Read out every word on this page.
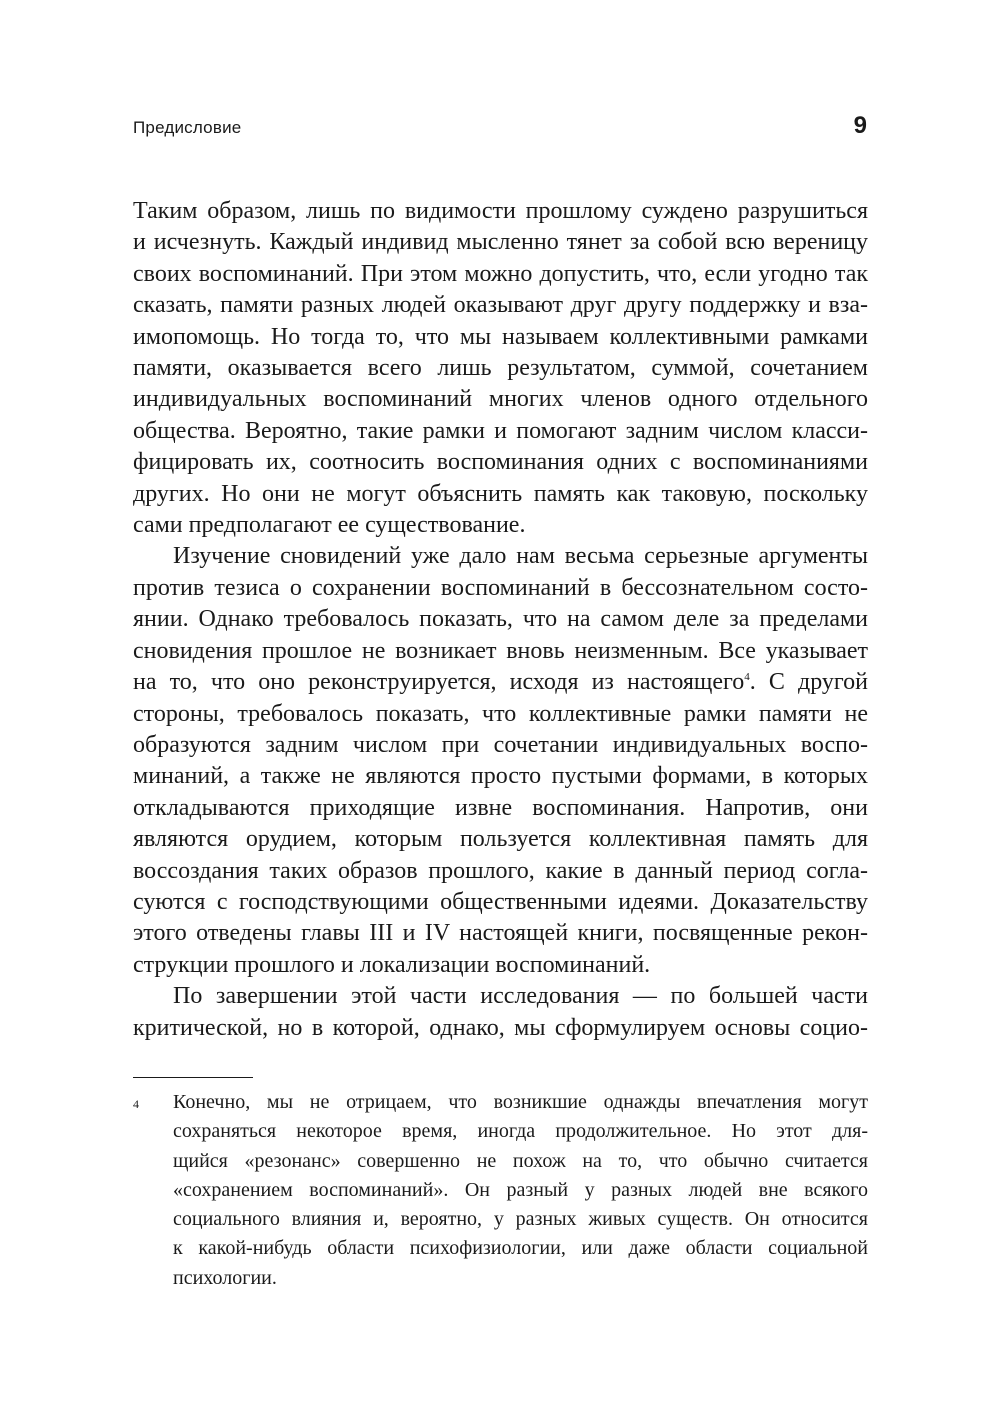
Предисловие	9
Таким образом, лишь по видимости прошлому суждено разрушиться
и исчезнуть. Каждый индивид мысленно тянет за собой всю вереницу
своих воспоминаний. При этом можно допустить, что, если угодно так
сказать, памяти разных людей оказывают друг другу поддержку и вза-
имопомощь. Но тогда то, что мы называем коллективными рамками
памяти, оказывается всего лишь результатом, суммой, сочетанием
индивидуальных воспоминаний многих членов одного отдельного
общества. Вероятно, такие рамки и помогают задним числом класси-
фицировать их, соотносить воспоминания одних с воспоминаниями
других. Но они не могут объяснить память как таковую, поскольку
сами предполагают ее существование.
Изучение сновидений уже дало нам весьма серьезные аргументы
против тезиса о сохранении воспоминаний в бессознательном состо-
янии. Однако требовалось показать, что на самом деле за пределами
сновидения прошлое не возникает вновь неизменным. Все указывает
на то, что оно реконструируется, исходя из настоящего$^4$. С другой
стороны, требовалось показать, что коллективные рамки памяти не
образуются задним числом при сочетании индивидуальных воспо-
минаний, а также не являются просто пустыми формами, в которых
откладываются приходящие извне воспоминания. Напротив, они
являются орудием, которым пользуется коллективная память для
воссоздания таких образов прошлого, какие в данный период согла-
суются с господствующими общественными идеями. Доказательству
этого отведены главы III и IV настоящей книги, посвященные рекон-
струкции прошлого и локализации воспоминаний.
По завершении этой части исследования — по большей части
критической, но в которой, однако, мы сформулируем основы социо-
4 Конечно, мы не отрицаем, что возникшие однажды впечатления могут
сохраняться некоторое время, иногда продолжительное. Но этот для-
щийся «резонанс» совершенно не похож на то, что обычно считается
«сохранением воспоминаний». Он разный у разных людей вне всякого
социального влияния и, вероятно, у разных живых существ. Он относится
к какой-нибудь области психофизиологии, или даже области социальной
психологии.
